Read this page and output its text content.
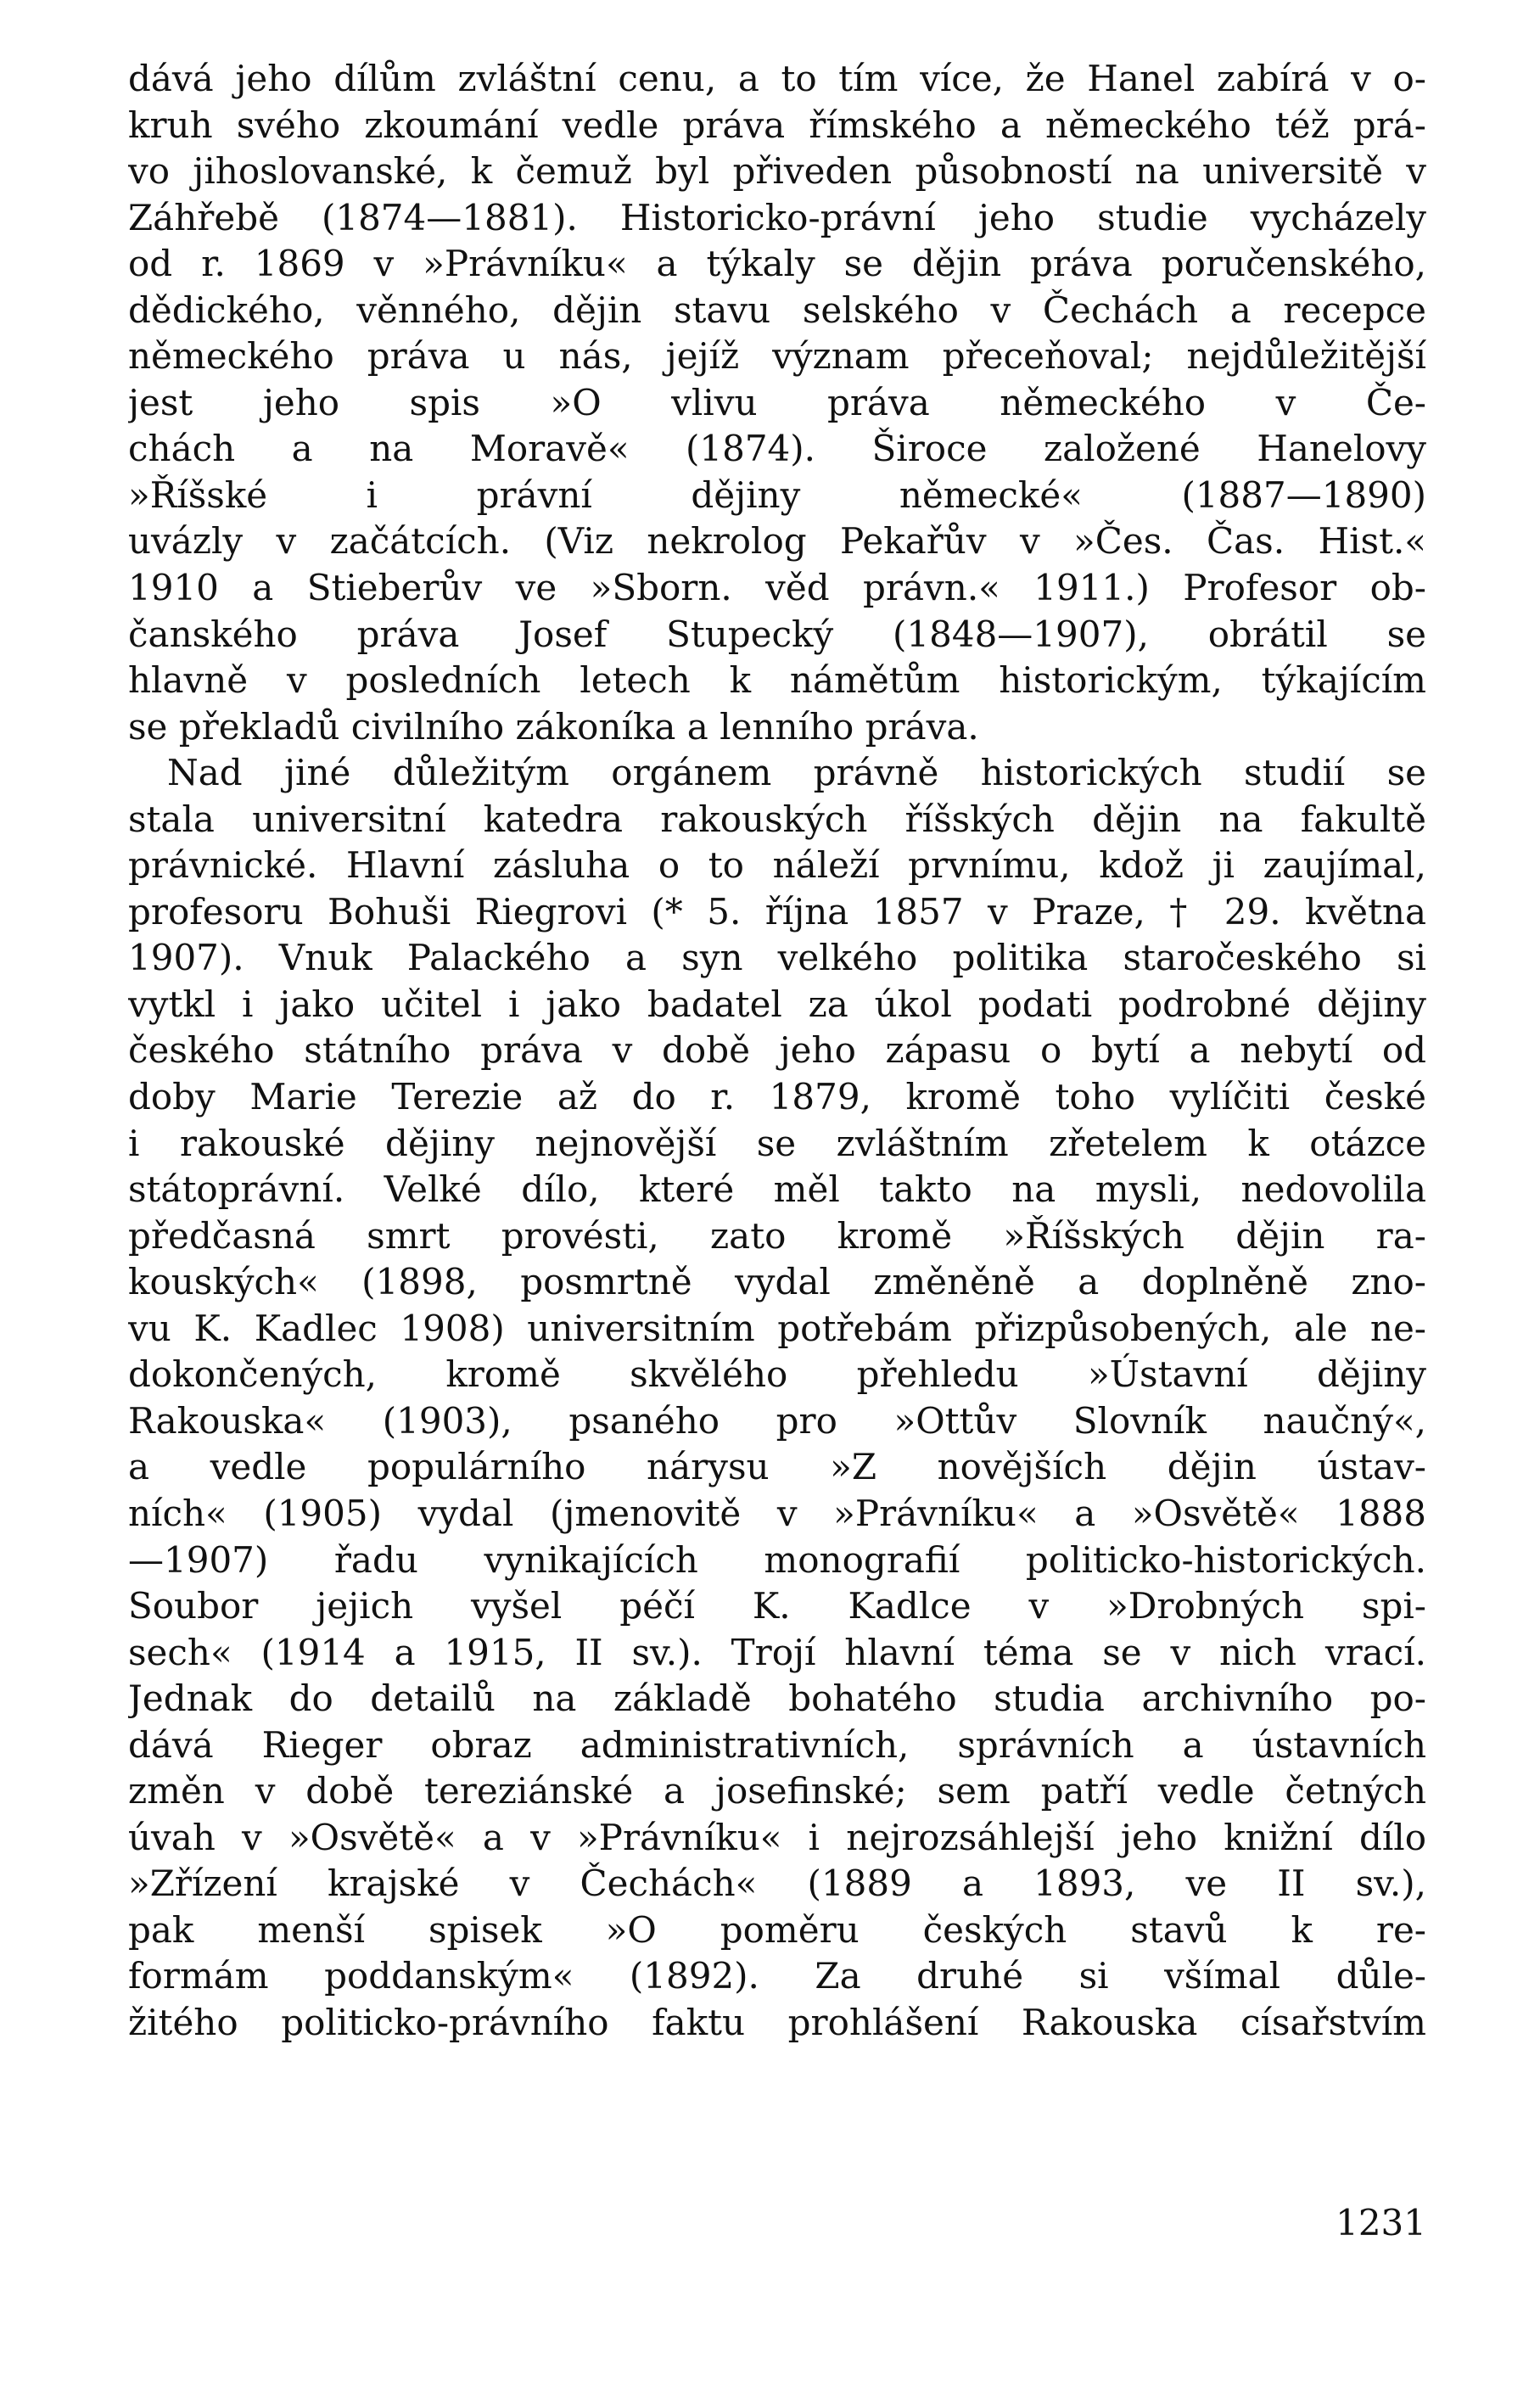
dává jeho dílům zvláštní cenu, a to tím více, že Hanel zabírá v o-
kruh svého zkoumání vedle práva římského a německého též prá-
vo jihoslovanské, k čemuž byl přiveden působností na universitě v
Záhřebě (1874—1881). Historicko-právní jeho studie vycházely
od r. 1869 v »Právníku« a týkaly se dějin práva poručenského,
dědického, věnného, dějin stavu selského v Čechách a recepce
německého práva u nás, jejíž význam přeceňoval; nejdůležitější
jest jeho spis »O vlivu práva německého v Če-
chách a na Moravě« (1874). Široce založené Hanelovy
»Říšské i právní dějiny německé« (1887—1890)
uvázly v začátcích. (Viz nekrolog Pekařův v »Čes. Čas. Hist.«
1910 a Stieberův ve »Sborn. věd právn.« 1911.) Profesor ob-
čanského práva Josef Stupecký (1848—1907), obrátil se
hlavně v posledních letech k námětům historickým, týkajícím
se překladů civilního zákoníka a lenního práva.
Nad jiné důležitým orgánem právně historických studií se
stala universitní katedra rakouských říšských dějin na fakultě
právnické. Hlavní zásluha o to náleží prvnímu, kdož ji zaujímal,
profesoru Bohuši Riegrovi (* 5. října 1857 v Praze, † 29. května
1907). Vnuk Palackého a syn velkého politika staročeského si
vytkl i jako učitel i jako badatel za úkol podati podrobné dějiny
českého státního práva v době jeho zápasu o bytí a nebytí od
doby Marie Terezie až do r. 1879, kromě toho vylíčiti české
i rakouské dějiny nejnovější se zvláštním zřetelem k otázce
státoprávní. Velké dílo, které měl takto na mysli, nedovolila
předčasná smrt provésti, zato kromě »Říšských dějin ra-
kouských« (1898, posmrtně vydal změněně a doplněně zno-
vu K. Kadlec 1908) universitním potřebám přizpůsobených, ale ne-
dokončených, kromě skvělého přehledu »Ústavní dějiny
Rakouska« (1903), psaného pro »Ottův Slovník naučný«,
a vedle populárního nárysu »Z novějších dějin ústav-
ních« (1905) vydal (jmenovitě v »Právníku« a »Osvětě« 1888
—1907) řadu vynikajících monografií politicko-historických.
Soubor jejich vyšel péčí K. Kadlce v »Drobných spi-
sech« (1914 a 1915, II sv.). Trojí hlavní téma se v nich vrací.
Jednak do detailů na základě bohatého studia archivního po-
dává Rieger obraz administrativních, správních a ústavních
změn v době tereziánské a josefinské; sem patří vedle četných
úvah v »Osvětě« a v »Právníku« i nejrozsáhlejší jeho knižní dílo
»Zřízení krajské v Čechách« (1889 a 1893, ve II sv.),
pak menší spisek »O poměru českých stavů k re-
formám poddanským« (1892). Za druhé si všímal důle-
žitého politicko-právního faktu prohlášení Rakouska císařstvím
1231
